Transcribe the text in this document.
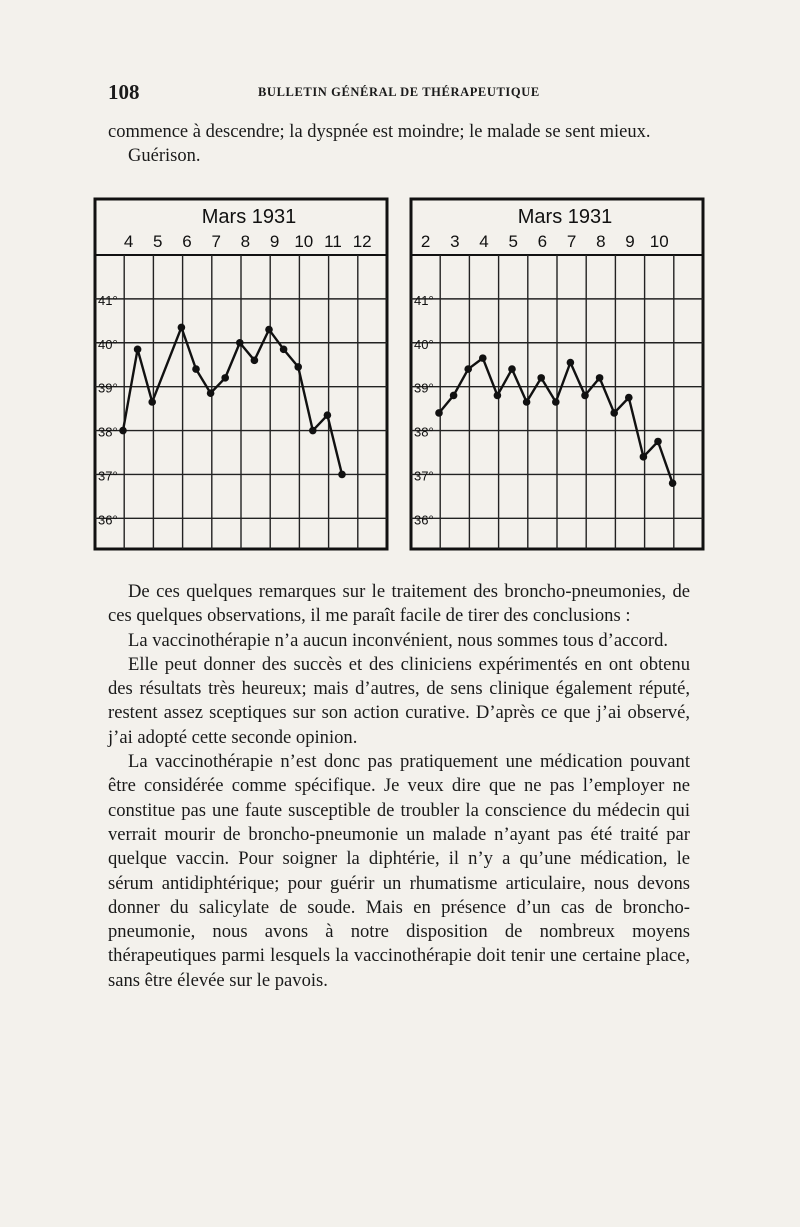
108	BULLETIN GÉNÉRAL DE THÉRAPEUTIQUE

commence à descendre; la dyspnée est moindre; le malade se sent mieux.

Guérison.

Mars 1931
4 5 6 7 8 9 10 11 12
41°
40°
39°
38°
37°
36°
Mars 1931
2 3 4 5 6 7 8 9 10
41°
40°
39°
38°
37°
36°

De ces quelques remarques sur le traitement des broncho-pneumonies, de ces quelques observations, il me paraît facile de tirer des conclusions :

La vaccinothérapie n’a aucun inconvénient, nous sommes tous d’accord.

Elle peut donner des succès et des cliniciens expérimentés en ont obtenu des résultats très heureux; mais d’autres, de sens clinique également réputé, restent assez sceptiques sur son action curative. D’après ce que j’ai observé, j’ai adopté cette seconde opinion.

La vaccinothérapie n’est donc pas pratiquement une médication pouvant être considérée comme spécifique. Je veux dire que ne pas l’employer ne constitue pas une faute susceptible de troubler la conscience du médecin qui verrait mourir de broncho-pneumonie un malade n’ayant pas été traité par quelque vaccin. Pour soigner la diphtérie, il n’y a qu’une médication, le sérum antidiphtérique; pour guérir un rhumatisme articulaire, nous devons donner du salicylate de soude. Mais en présence d’un cas de broncho-pneumonie, nous avons à notre disposition de nombreux moyens thérapeutiques parmi lesquels la vaccinothérapie doit tenir une certaine place, sans être élevée sur le pavois.
